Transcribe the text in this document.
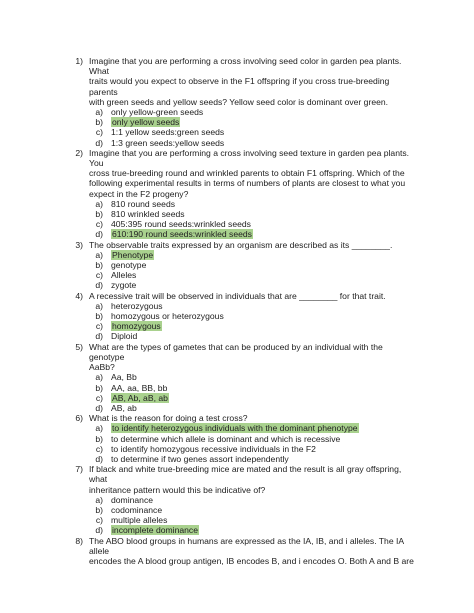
1) Imagine that you are performing a cross involving seed color in garden pea plants. What
traits would you expect to observe in the F1 offspring if you cross true-breeding parents
with green seeds and yellow seeds? Yellow seed color is dominant over green.
a) only yellow-green seeds
b) only yellow seeds
c) 1:1 yellow seeds:green seeds
d) 1:3 green seeds:yellow seeds
2) Imagine that you are performing a cross involving seed texture in garden pea plants. You
cross true-breeding round and wrinkled parents to obtain F1 offspring. Which of the
following experimental results in terms of numbers of plants are closest to what you
expect in the F2 progeny?
a) 810 round seeds
b) 810 wrinkled seeds
c) 405:395 round seeds:wrinkled seeds
d) 610:190 round seeds:wrinkled seeds
3) The observable traits expressed by an organism are described as its ________.
a) Phenotype
b) genotype
c) Alleles
d) zygote
4) A recessive trait will be observed in individuals that are ________ for that trait.
a) heterozygous
b) homozygous or heterozygous
c) homozygous
d) Diploid
5) What are the types of gametes that can be produced by an individual with the genotype
AaBb?
a) Aa, Bb
b) AA, aa, BB, bb
c) AB, Ab, aB, ab
d) AB, ab
6) What is the reason for doing a test cross?
a) to identify heterozygous individuals with the dominant phenotype
b) to determine which allele is dominant and which is recessive
c) to identify homozygous recessive individuals in the F2
d) to determine if two genes assort independently
7) If black and white true-breeding mice are mated and the result is all gray offspring, what
inheritance pattern would this be indicative of?
a) dominance
b) codominance
c) multiple alleles
d) incomplete dominance
8) The ABO blood groups in humans are expressed as the IA, IB, and i alleles. The IA allele
encodes the A blood group antigen, IB encodes B, and i encodes O. Both A and B are
